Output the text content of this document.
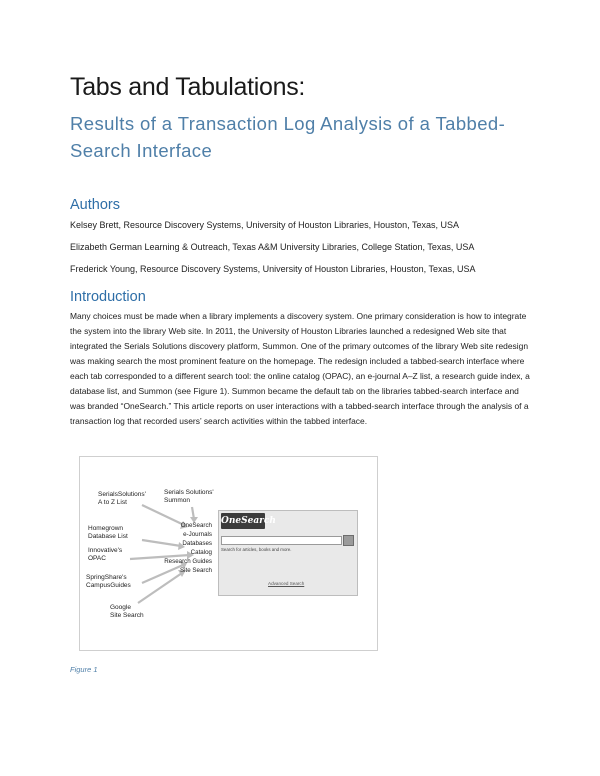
Tabs and Tabulations:
Results of a Transaction Log Analysis of a Tabbed-Search Interface
Authors
Kelsey Brett, Resource Discovery Systems, University of Houston Libraries, Houston, Texas, USA
Elizabeth German Learning & Outreach, Texas A&M University Libraries, College Station, Texas, USA
Frederick Young, Resource Discovery Systems, University of Houston Libraries, Houston, Texas, USA
Introduction
Many choices must be made when a library implements a discovery system. One primary consideration is how to integrate the system into the library Web site. In 2011, the University of Houston Libraries launched a redesigned Web site that integrated the Serials Solutions discovery platform, Summon. One of the primary outcomes of the library Web site redesign was making search the most prominent feature on the homepage. The redesign included a tabbed-search interface where each tab corresponded to a different search tool: the online catalog (OPAC), an e-journal A–Z list, a research guide index, a database list, and Summon (see Figure 1). Summon became the default tab on the libraries tabbed-search interface and was branded “OneSearch.” This article reports on user interactions with a tabbed-search interface through the analysis of a transaction log that recorded users’ search activities within the tabbed interface.
SerialsSolutions'
A to Z List
Serials Solutions'
Summon
Homegrown
Database List
Innovative's
OPAC
SpringShare's
CampusGuides
Google
Site Search
OneSearch
e-Journals
Databases
Catalog
Research Guides
Site Search
OneSearch
Search for articles, books and more.
Advanced Search
Figure 1
